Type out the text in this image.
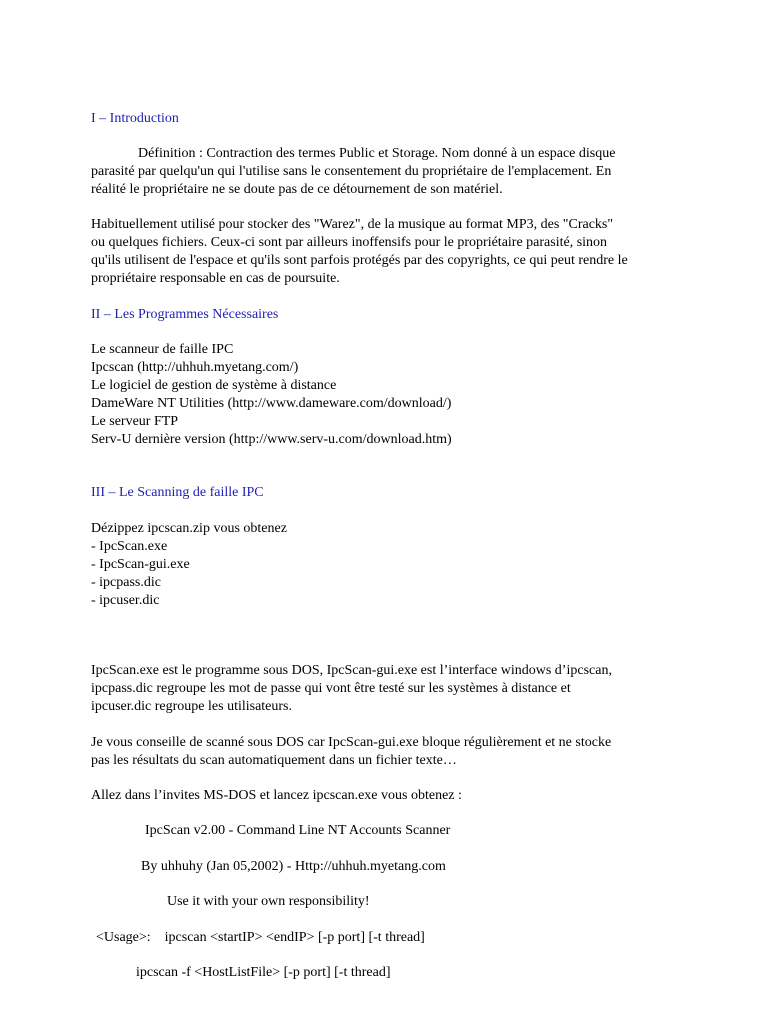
I – Introduction
Définition : Contraction des termes Public et Storage. Nom donné à un espace disque
parasité par quelqu'un qui l'utilise sans le consentement du propriétaire de l'emplacement. En
réalité le propriétaire ne se doute pas de ce détournement de son matériel.
Habituellement utilisé pour stocker des "Warez", de la musique au format MP3, des "Cracks"
ou quelques fichiers. Ceux-ci sont par ailleurs inoffensifs pour le propriétaire parasité, sinon
qu'ils utilisent de l'espace et qu'ils sont parfois protégés par des copyrights, ce qui peut rendre le
propriétaire responsable en cas de poursuite.
II – Les Programmes Nécessaires
Le scanneur de faille IPC
Ipcscan (http://uhhuh.myetang.com/)
Le logiciel de gestion de système à distance
DameWare NT Utilities (http://www.dameware.com/download/)
Le serveur FTP
Serv-U dernière version (http://www.serv-u.com/download.htm)
III – Le Scanning de faille IPC
Dézippez ipcscan.zip vous obtenez
- IpcScan.exe
- IpcScan-gui.exe
- ipcpass.dic
- ipcuser.dic
IpcScan.exe est le programme sous DOS, IpcScan-gui.exe est l’interface windows d’ipcscan,
ipcpass.dic regroupe les mot de passe qui vont être testé sur les systèmes à distance et
ipcuser.dic regroupe les utilisateurs.
Je vous conseille de scanné sous DOS car IpcScan-gui.exe bloque régulièrement et ne stocke
pas les résultats du scan automatiquement dans un fichier texte…
Allez dans l’invites MS-DOS et lancez ipcscan.exe vous obtenez :
IpcScan v2.00 - Command Line NT Accounts Scanner
By uhhuhy (Jan 05,2002) - Http://uhhuh.myetang.com
Use it with your own responsibility!
<Usage>:    ipcscan <startIP> <endIP> [-p port] [-t thread]
ipcscan -f <HostListFile> [-p port] [-t thread]
